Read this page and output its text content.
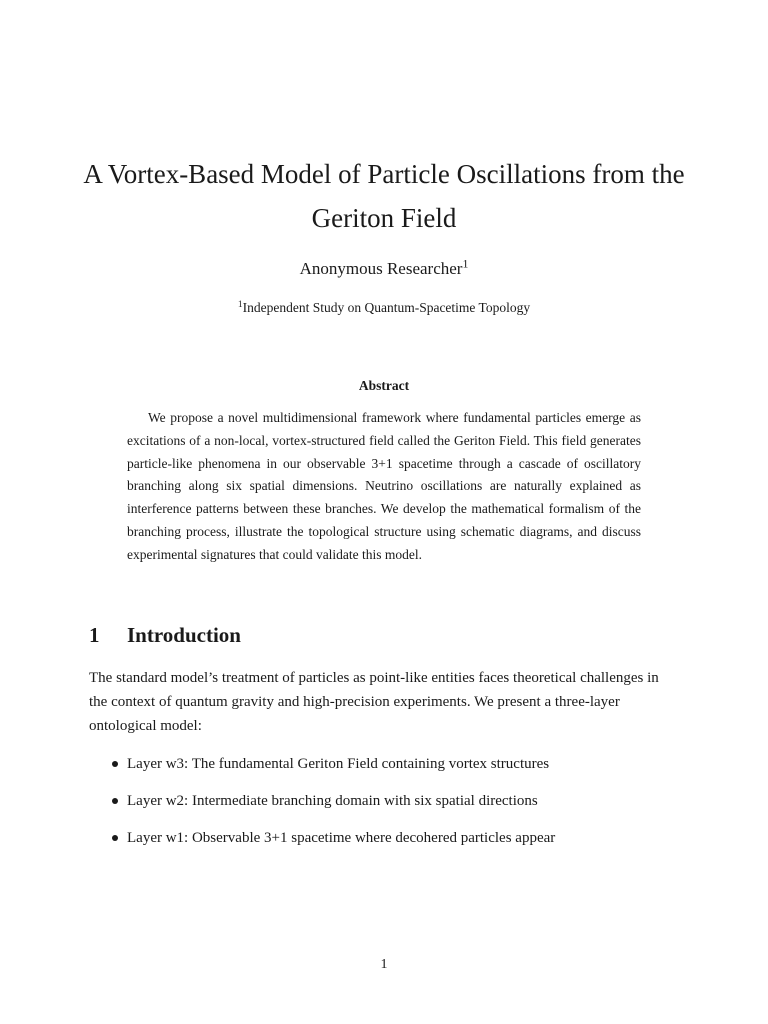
A Vortex-Based Model of Particle Oscillations from the Geriton Field
Anonymous Researcher$^1$
$^1$Independent Study on Quantum-Spacetime Topology
Abstract

We propose a novel multidimensional framework where fundamental particles emerge as excitations of a non-local, vortex-structured field called the Geriton Field. This field generates particle-like phenomena in our observable 3+1 spacetime through a cascade of oscillatory branching along six spatial dimensions. Neutrino oscillations are naturally explained as interference patterns between these branches. We develop the mathematical formalism of the branching process, illustrate the topological structure using schematic diagrams, and discuss experimental signatures that could validate this model.

1 Introduction

The standard model’s treatment of particles as point-like entities faces theoretical challenges in the context of quantum gravity and high-precision experiments. We present a three-layer ontological model:

Layer w3: The fundamental Geriton Field containing vortex structures
Layer w2: Intermediate branching domain with six spatial directions
Layer w1: Observable 3+1 spacetime where decohered particles appear
1
